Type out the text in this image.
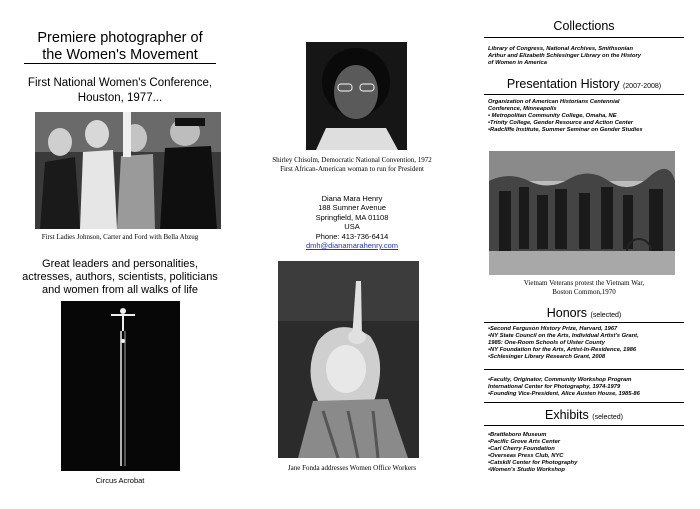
Premiere photographer of
the Women's Movement
First National Women's Conference,
Houston, 1977...
First Ladies Johnson, Carter and Ford with Bella Abzug
Great leaders and personalities,
actresses, authors, scientists, politicians
and women from all walks of life
Circus Acrobat
Shirley Chisolm, Democratic National Convention, 1972
First African-American woman to run for President
Diana Mara Henry
188 Sumner Avenue
Springfield, MA 01108
USA
Phone: 413-736-6414
dmh@dianamarahenry.com
Jane Fonda addresses Women Office Workers
Collections
Library of Congress, National Archives, Smithsonian
Arthur and Elizabeth Schlesinger Library on the History
of Women in America
Presentation History (2007-2008)
Organization of American Historians Centennial
Conference, Minneapolis
• Metropolitan Community College, Omaha, NE
•Trinity College, Gender Resource and Action Center
•Radcliffe Institute, Summer Seminar on Gender Studies
Vietnam Veterans protest the Vietnam War,
Boston Common,1970
Honors (selected)
•Second Ferguson History Prize, Harvard, 1967
•NY State Council on the Arts, Individual Artist's Grant,
1985: One-Room Schools of Ulster County
•NY Foundation for the Arts, Artist-In-Residence, 1986
•Schlesinger Library Research Grant, 2008
•Faculty, Originator, Community Workshop Program
International Center for Photography, 1974-1979
•Founding Vice-President, Alice Austen House, 1985-86
Exhibits (selected)
•Brattleboro Museum
•Pacific Grove Arts Center
•Carl Cherry Foundation
•Overseas Press Club, NYC
•Catskill Center for Photography
•Women's Studio Workshop
